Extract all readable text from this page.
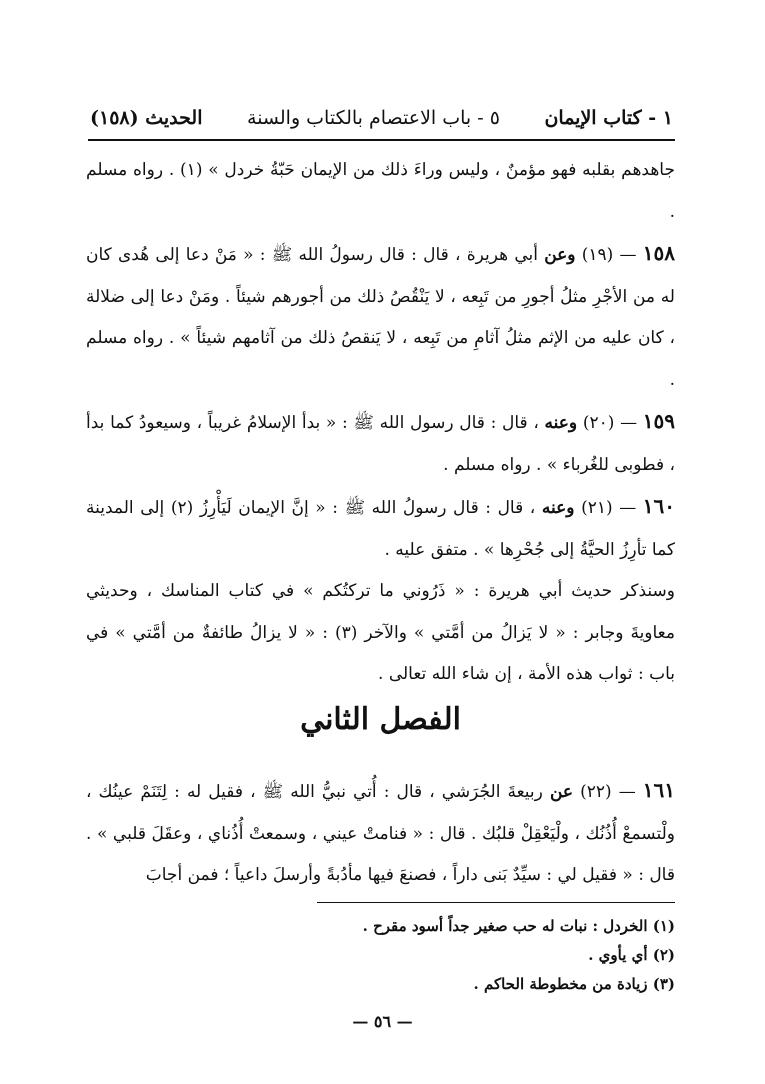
١ - كتاب الإيمان
٥ - باب الاعتصام بالكتاب والسنة
الحديث (١٥٨)

جاهدهم بقلبه فهو مؤمنٌ ، وليس وراءَ ذلك من الإيمان حَبّةُ خردل » (١) . رواه مسلم .

١٥٨ — (١٩) وعن أبي هريرة ، قال : قال رسولُ الله ﷺ : « مَنْ دعا إلى هُدى كان له من الأجْرِ مثلُ أجورِ من تَبِعه ، لا يَنْقُصُ ذلك من أجورهم شيئاً . ومَنْ دعا إلى ضلالة ، كان عليه من الإثم مثلُ آثامِ من تَبِعه ، لا يَنقصُ ذلك من آثامهم شيئاً » . رواه مسلم .

١٥٩ — (٢٠) وعنه ، قال : قال رسول الله ﷺ : « بدأ الإسلامُ غريباً ، وسيعودُ كما بدأ ، فطوبى للغُرباء » . رواه مسلم .

١٦٠ — (٢١) وعنه ، قال : قال رسولُ الله ﷺ : « إنَّ الإيمان لَيَأْرِزُ (٢) إلى المدينة كما تأرِزُ الحيَّةُ إلى جُحْرِها » . متفق عليه .

وسنذكر حديث أبي هريرة : « ذَرُوني ما تركتُكم » في كتاب المناسك ، وحديثي معاويةَ وجابر : « لا يَزالُ من أمَّتي » والآخر (٣) : « لا يزالُ طائفةٌ من أمَّتي » في باب : ثواب هذه الأمة ، إن شاء الله تعالى .

الفصل الثاني

١٦١ — (٢٢) عن ربيعةَ الجُرَشي ، قال : أُتي نبيُّ الله ﷺ ، فقيل له : لِتَنَمْ عينُك ، ولْتسمعْ أُذُنُك ، ولْيَعْقِلْ قلبُك . قال : « فنامتْ عيني ، وسمعتْ أُذُناي ، وعقَلَ قلبي » . قال : « فقيل لي : سيِّدٌ بَنى داراً ، فصنعَ فيها مأدُبةً وأرسلَ داعياً ؛ فمن أجابَ

(١) الخردل : نبات له حب صغير جداً أسود مقرح .

(٢) أي يأوي .

(٣) زيادة من مخطوطة الحاكم .

— ٥٦ —
